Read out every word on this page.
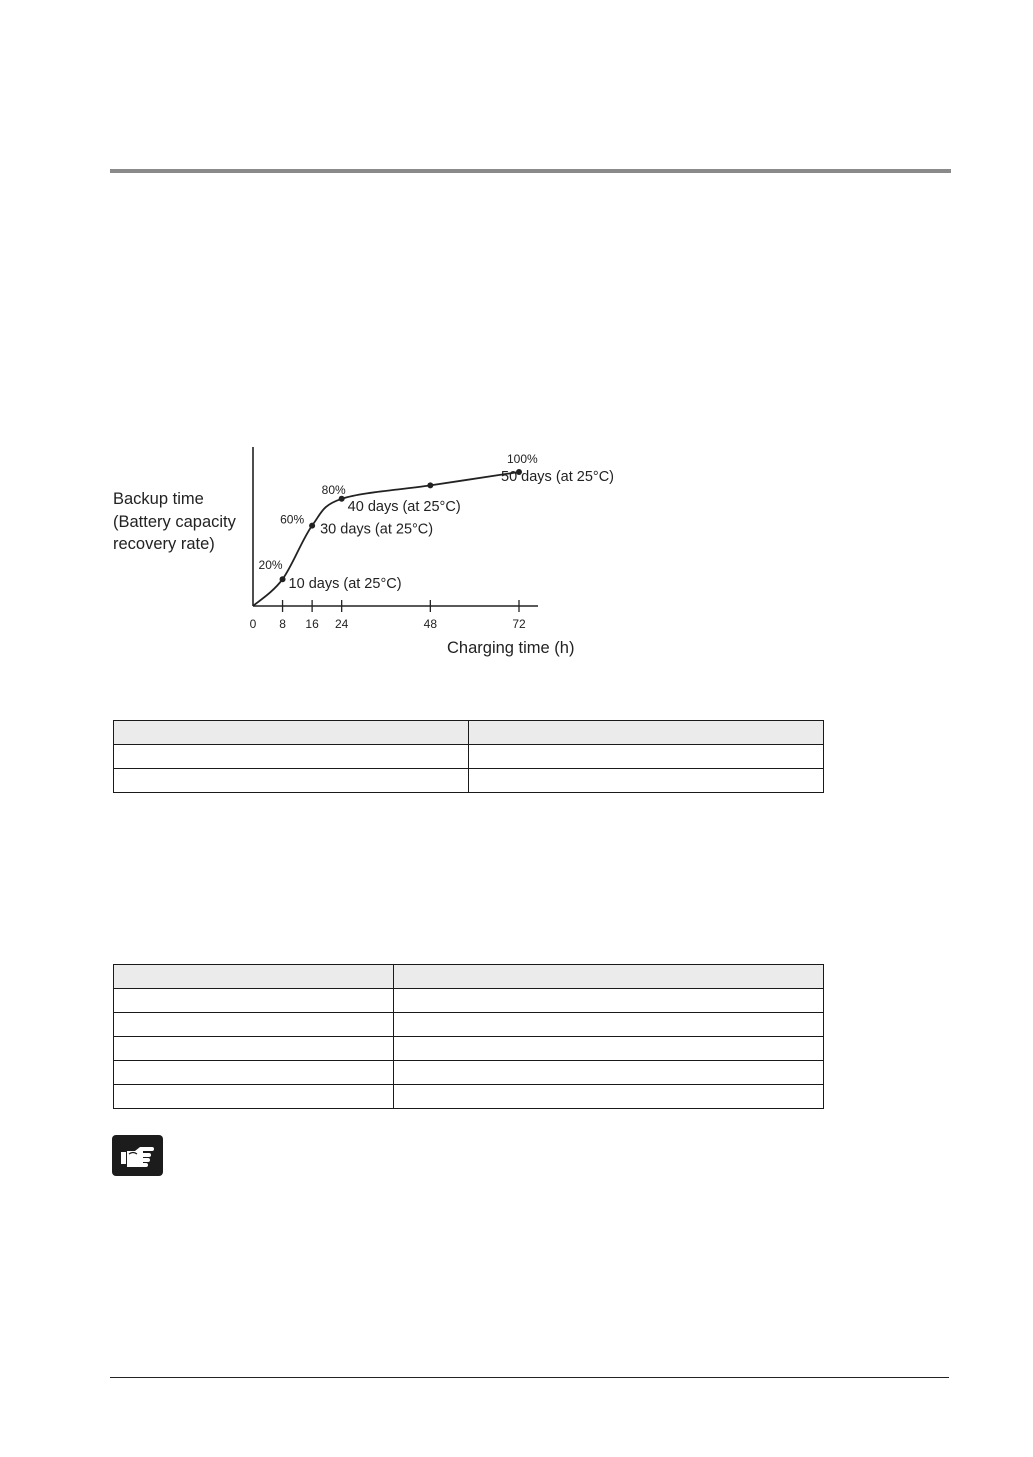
0 8 16 24	48	72
20%
10 days (at 25°C)
60%
30 days (at 25°C)
80%
40 days (at 25°C)
100%
50 days (at 25°C)
Backup time
(Battery capacity
recovery rate)
Charging time (h)
